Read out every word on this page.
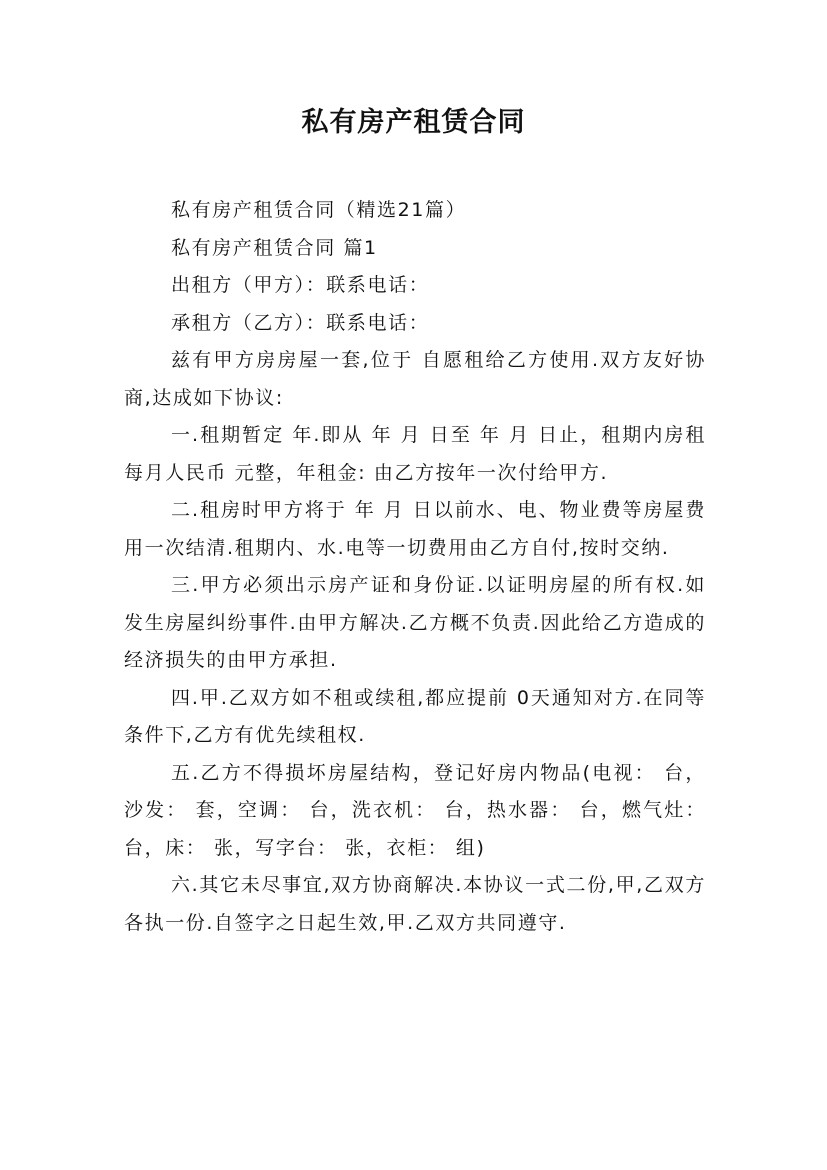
私有房产租赁合同

私有房产租赁合同（精选21篇）

私有房产租赁合同 篇1

出租方（甲方）：联系电话：

承租方（乙方）：联系电话：

兹有甲方房房屋一套,位于 自愿租给乙方使用.双方友好协商,达成如下协议:

一.租期暂定 年.即从 年 月 日至 年 月 日止，租期内房租每月人民币 元整，年租金: 由乙方按年一次付给甲方.

二.租房时甲方将于 年 月 日以前水、电、物业费等房屋费用一次结清.租期内、水.电等一切费用由乙方自付,按时交纳.

三.甲方必须出示房产证和身份证.以证明房屋的所有权.如发生房屋纠纷事件.由甲方解决.乙方概不负责.因此给乙方造成的经济损失的由甲方承担.

四.甲.乙双方如不租或续租,都应提前 0天通知对方.在同等条件下,乙方有优先续租权.

五.乙方不得损坏房屋结构，登记好房内物品(电视： 台，沙发： 套，空调： 台，洗衣机： 台，热水器： 台，燃气灶： 台，床： 张，写字台： 张，衣柜： 组)

六.其它未尽事宜,双方协商解决.本协议一式二份,甲,乙双方各执一份.自签字之日起生效,甲.乙双方共同遵守.
